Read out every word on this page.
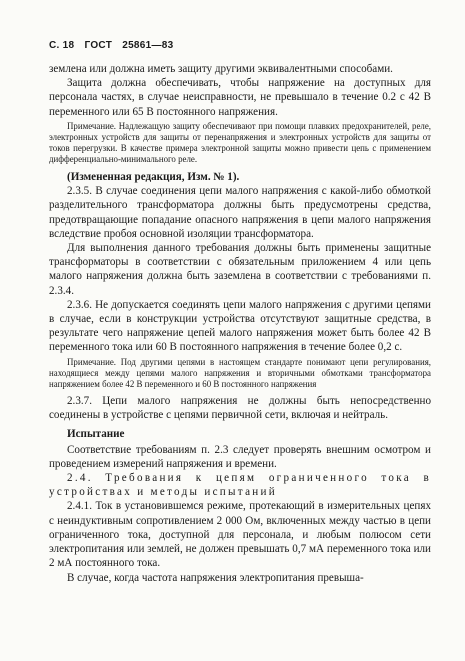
С. 18 ГОСТ 25861—83

землена или должна иметь защиту другими эквивалентными способами.

Защита должна обеспечивать, чтобы напряжение на доступных для персонала частях, в случае неисправности, не превышало в течение 0.2 с 42 В переменного или 65 В постоянного напряжения.

Примечание. Надлежащую защиту обеспечивают при помощи плавких предохранителей, реле, электронных устройств для защиты от перенапряжения и электронных устройств для защиты от токов перегрузки. В качестве примера электронной защиты можно привести цепь с применением дифференциально-минимального реле.

(Измененная редакция, Изм. № 1).

2.3.5. В случае соединения цепи малого напряжения с какой-либо обмоткой разделительного трансформатора должны быть предусмотрены средства, предотвращающие попадание опасного напряжения в цепи малого напряжения вследствие пробоя основной изоляции трансформатора.

Для выполнения данного требования должны быть применены защитные трансформаторы в соответствии с обязательным приложением 4 или цепь малого напряжения должна быть заземлена в соответствии с требованиями п. 2.3.4.

2.3.6. Не допускается соединять цепи малого напряжения с другими цепями в случае, если в конструкции устройства отсутствуют защитные средства, в результате чего напряжение цепей малого напряжения может быть более 42 В переменного тока или 60 В постоянного напряжения в течение более 0,2 с.

Примечание. Под другими цепями в настоящем стандарте понимают цепи регулирования, находящиеся между цепями малого напряжения и вторичными обмотками трансформатора напряжением более 42 В переменного и 60 В постоянного напряжения

2.3.7. Цепи малого напряжения не должны быть непосредственно соединены в устройстве с цепями первичной сети, включая и нейтраль.

Испытание

Соответствие требованиям п. 2.3 следует проверять внешним осмотром и проведением измерений напряжения и времени.

2.4. Требования к цепям ограниченного тока в устройствах и методы испытаний

2.4.1. Ток в установившемся режиме, протекающий в измерительных цепях с неиндуктивным сопротивлением 2 000 Ом, включенных между частью в цепи ограниченного тока, доступной для персонала, и любым полюсом сети электропитания или землей, не должен превышать 0,7 мА переменного тока или 2 мА постоянного тока.

В случае, когда частота напряжения электропитания превыша-
